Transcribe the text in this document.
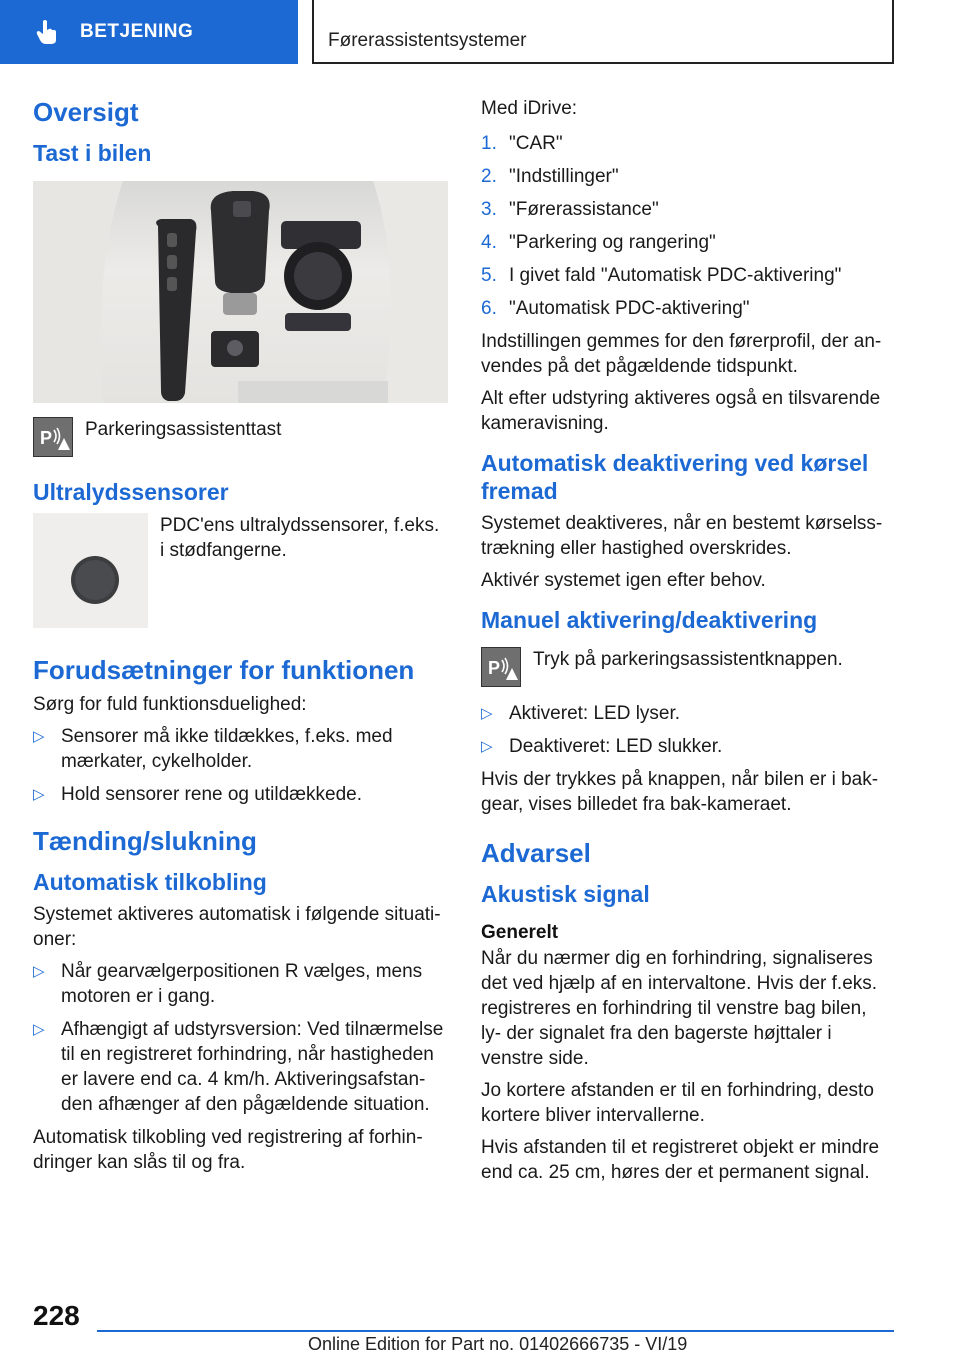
BETJENING	Førerassistentsystemer
Oversigt
Tast i bilen
P Parkeringsassistenttast
Ultralydssensorer

PDC'ens ultralydssensorer, f.eks. i stødfangerne.

Forudsætninger for funktionen

Sørg for fuld funktionsduelighed:

▷ Sensorer må ikke tildækkes, f.eks. med mærkater, cykelholder.
▷ Hold sensorer rene og utildækkede.
Tænding/slukning
Automatisk tilkobling

Systemet aktiveres automatisk i følgende situati- oner:

▷ Når gearvælgerpositionen R vælges, mens motoren er i gang.
▷ Afhængigt af udstyrsversion: Ved tilnærmelse til en registreret forhindring, når hastigheden er lavere end ca. 4 km/h. Aktiveringsafstan- den afhænger af den pågældende situation.

Automatisk tilkobling ved registrering af forhin- dringer kan slås til og fra.

Med iDrive:

1. "CAR"
2. "Indstillinger"
3. "Førerassistance"
4. "Parkering og rangering"
5. I givet fald "Automatisk PDC-aktivering"
6. "Automatisk PDC-aktivering"

Indstillingen gemmes for den førerprofil, der an- vendes på det pågældende tidspunkt.

Alt efter udstyring aktiveres også en tilsvarende kameravisning.

Automatisk deaktivering ved kørsel fremad

Systemet deaktiveres, når en bestemt kørselss- trækning eller hastighed overskrides.

Aktivér systemet igen efter behov.

Manuel aktivering/deaktivering
P Tryk på parkeringsassistentknappen.
▷ Aktiveret: LED lyser.
▷ Deaktiveret: LED slukker.

Hvis der trykkes på knappen, når bilen er i bak- gear, vises billedet fra bak-kameraet.

Advarsel
Akustisk signal
Generelt

Når du nærmer dig en forhindring, signaliseres det ved hjælp af en intervaltone. Hvis der f.eks. registreres en forhindring til venstre bag bilen, ly- der signalet fra den bagerste højttaler i venstre side.

Jo kortere afstanden er til en forhindring, desto kortere bliver intervallerne.

Hvis afstanden til et registreret objekt er mindre end ca. 25 cm, høres der et permanent signal.

228
Online Edition for Part no. 01402666735 - VI/19
